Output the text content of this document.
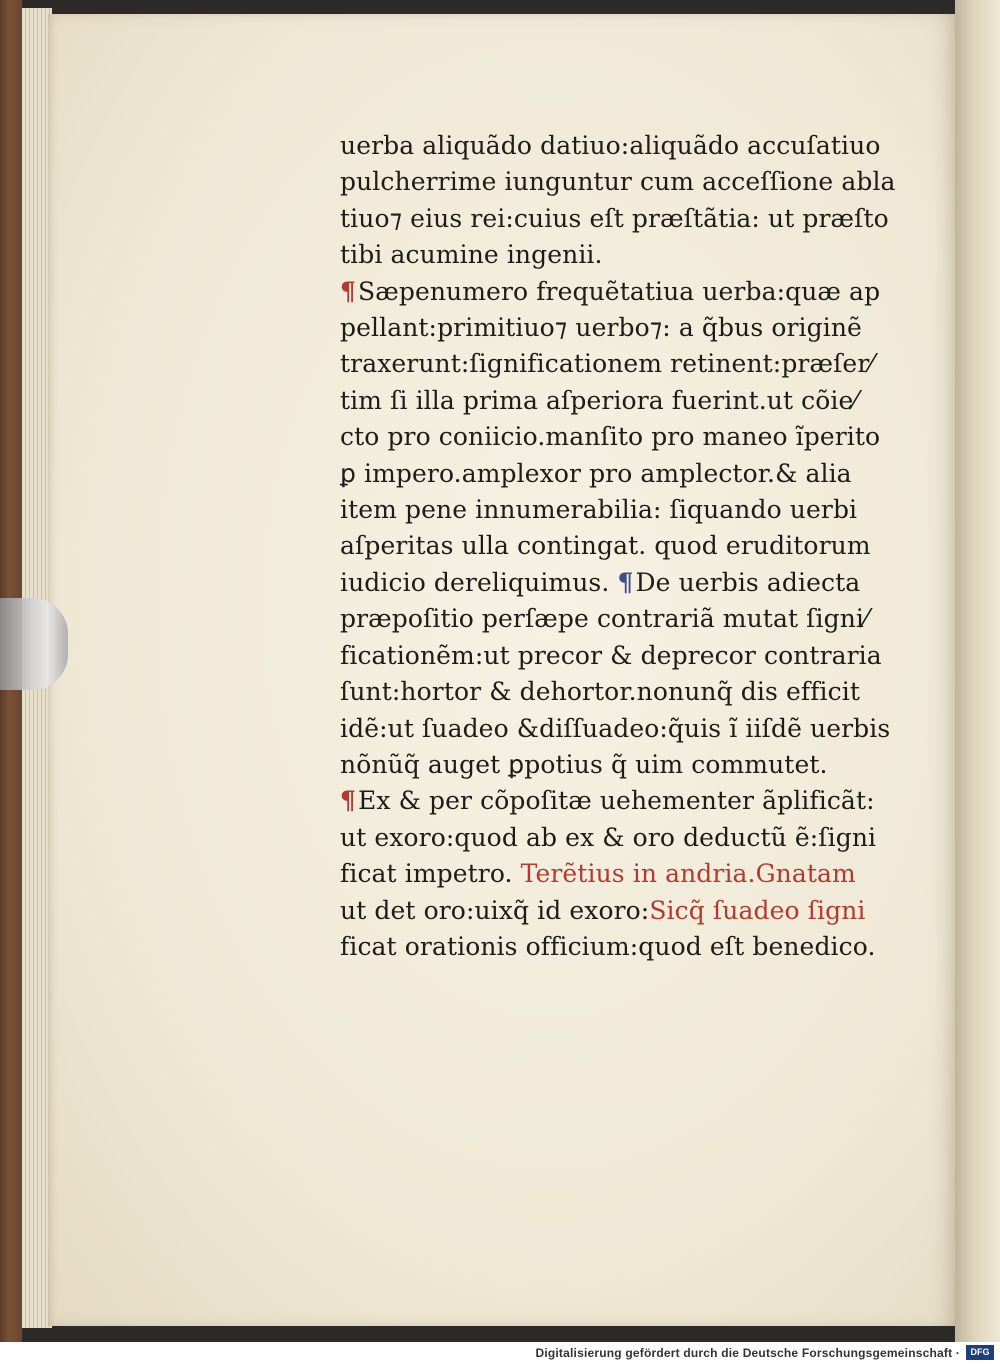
uerba aliquãdo datiuo:aliquãdo accuſatiuo
pulcherrime iunguntur cum acceſſione abla
tiuo⁊ eius rei:cuius eſt præſtãtia: ut præſto
tibi acumine ingenii.
¶Sæpenumero frequẽtatiua uerba:quæ ap
pellant:primitiuo⁊ uerbo⁊: a q̃bus originẽ
traxerunt:ſignificationem retinent:præſer⁄
tim ſi illa prima aſperiora fuerint.ut cõie⁄
cto pro coniicio.manſito pro maneo ĩperito
ꝑ impero.amplexor pro amplector.& alia
item pene innumerabilia: ſiquando uerbi
aſperitas ulla contingat. quod eruditorum
iudicio dereliquimus. ¶De uerbis adiecta
præpoſitio perſæpe contrariã mutat ſigni⁄
ficationẽm:ut precor & deprecor contraria
ſunt:hortor & dehortor.nonunq̃ dis efficit
idẽ:ut ſuadeo &diſſuadeo:q̃uis ĩ iiſdẽ uerbis
nõnũq̃ auget ꝑpotius q̃ uim commutet.
¶Ex & per cõpoſitæ uehementer ãplificãt:
ut exoro:quod ab ex & oro deductũ ẽ:ſigni
ficat impetro. Terẽtius in andria.Gnatam
ut det oro:uixq̃ id exoro:Sicq̃ ſuadeo ſigni
ficat orationis officium:quod eſt benedico.
Digitalisierung gefördert durch die Deutsche Forschungsgemeinschaft ·	DFG
